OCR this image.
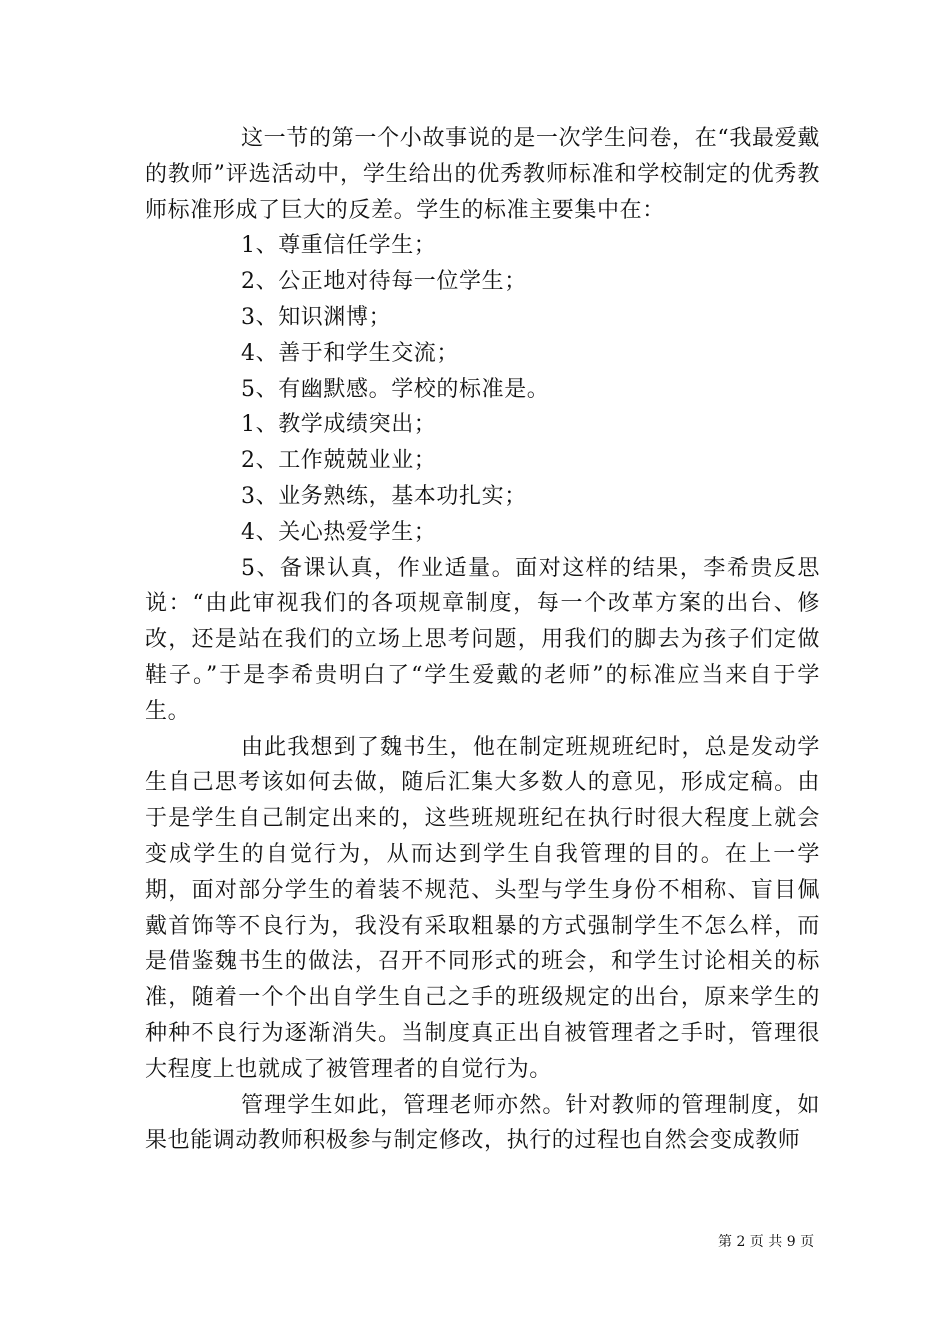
这一节的第一个小故事说的是一次学生问卷，在“我最爱戴的教师”评选活动中，学生给出的优秀教师标准和学校制定的优秀教师标准形成了巨大的反差。学生的标准主要集中在：

1、尊重信任学生；

2、公正地对待每一位学生；

3、知识渊博；

4、善于和学生交流；

5、有幽默感。学校的标准是。

1、教学成绩突出；

2、工作兢兢业业；

3、业务熟练，基本功扎实；

4、关心热爱学生；

5、备课认真，作业适量。面对这样的结果，李希贵反思说：“由此审视我们的各项规章制度，每一个改革方案的出台、修改，还是站在我们的立场上思考问题，用我们的脚去为孩子们定做鞋子。”于是李希贵明白了“学生爱戴的老师”的标准应当来自于学生。

由此我想到了魏书生，他在制定班规班纪时，总是发动学生自己思考该如何去做，随后汇集大多数人的意见，形成定稿。由于是学生自己制定出来的，这些班规班纪在执行时很大程度上就会变成学生的自觉行为，从而达到学生自我管理的目的。在上一学期，面对部分学生的着装不规范、头型与学生身份不相称、盲目佩戴首饰等不良行为，我没有采取粗暴的方式强制学生不怎么样，而是借鉴魏书生的做法，召开不同形式的班会，和学生讨论相关的标准，随着一个个出自学生自己之手的班级规定的出台，原来学生的种种不良行为逐渐消失。当制度真正出自被管理者之手时，管理很大程度上也就成了被管理者的自觉行为。

管理学生如此，管理老师亦然。针对教师的管理制度，如果也能调动教师积极参与制定修改，执行的过程也自然会变成教师

第 2 页 共 9 页
